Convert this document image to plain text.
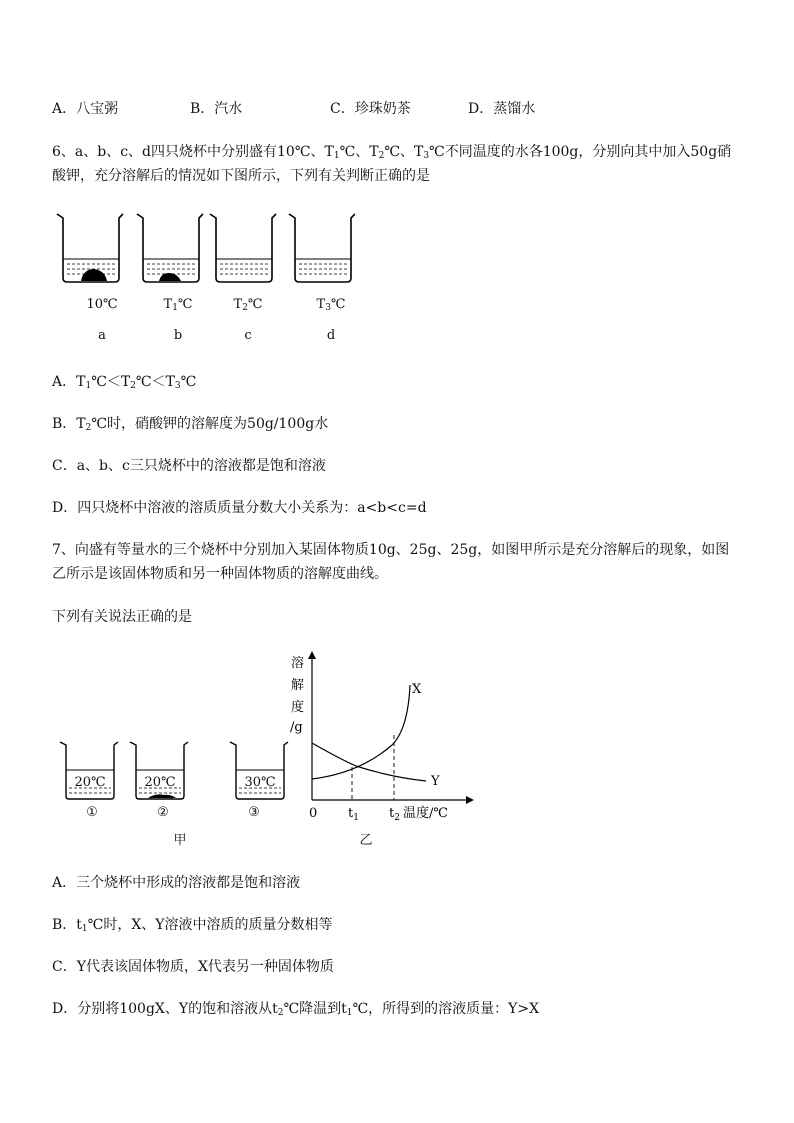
A．八宝粥	B．汽水	C．珍珠奶茶	D．蒸馏水
6、a、b、c、d四只烧杯中分别盛有10℃、$T_1℃$、$T_2℃$、$T_3℃$不同温度的水各100g，分别向其中加入50g硝
酸钾，充分溶解后的情况如下图所示，下列有关判断正确的是
10℃	$T_1℃$	$T_2℃$	$T_3℃$
a	b	c	d
A．$T_1℃<T_2℃<T_3℃$
B．$T_2℃$时，硝酸钾的溶解度为50g/100g水
C．a、b、c三只烧杯中的溶液都是饱和溶液
D．四只烧杯中溶液的溶质质量分数大小关系为：a<b<c=d
7、向盛有等量水的三个烧杯中分别加入某固体物质10g、25g、25g，如图甲所示是充分溶解后的现象，如图
乙所示是该固体物质和另一种固体物质的溶解度曲线。
下列有关说法正确的是
20℃	20℃	30℃
①	②	③
甲
溶
解
度
/g
X
Y
0 $t_1$ $t_2$ 温度/℃
乙
A．三个烧杯中形成的溶液都是饱和溶液
B．$t_1℃$时，X、Y溶液中溶质的质量分数相等
C．Y代表该固体物质，X代表另一种固体物质
D．分别将100gX、Y的饱和溶液从$t_2℃$降温到$t_1℃$，所得到的溶液质量：Y>X
